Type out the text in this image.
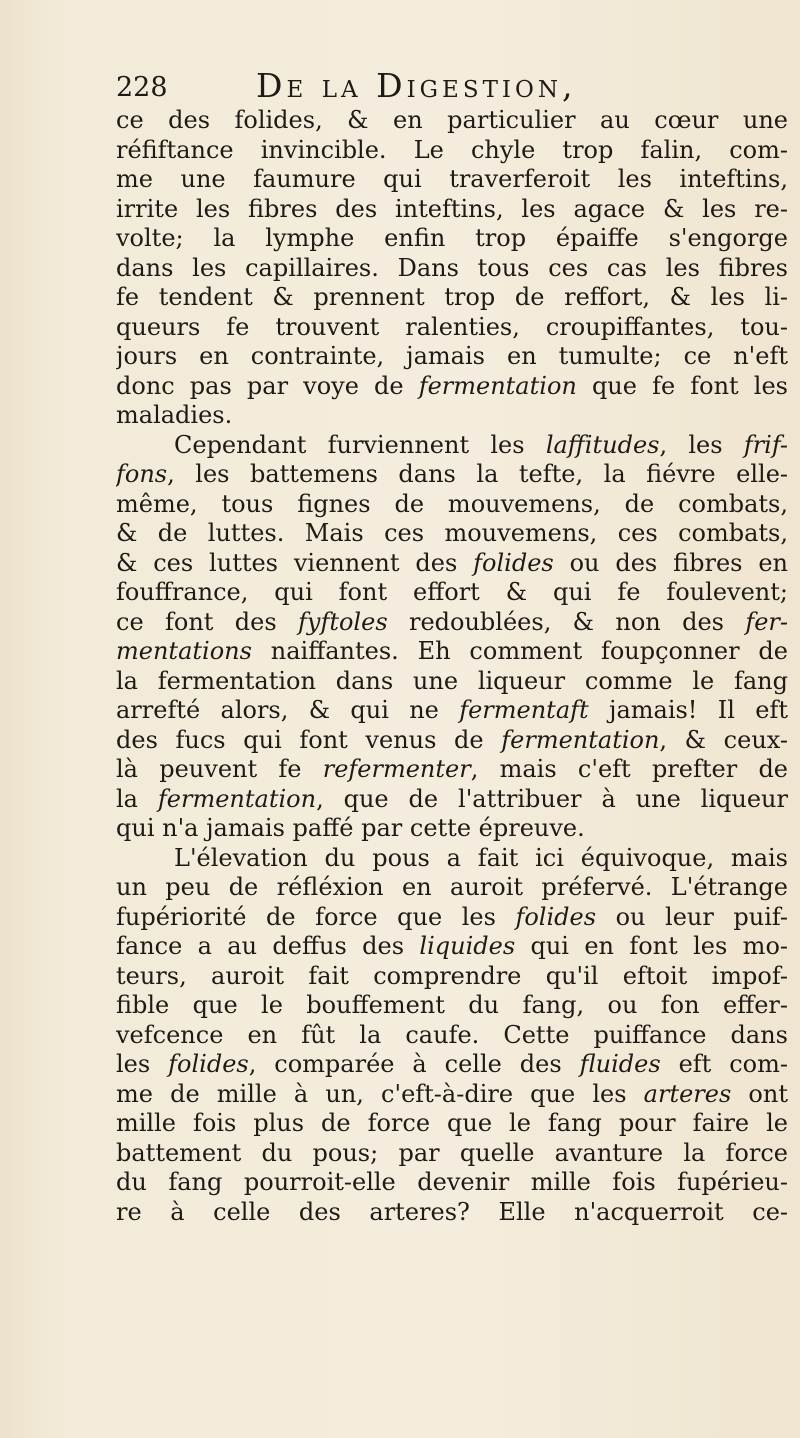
228	De la Digestion,
ce des folides, & en particulier au cœur une
réfiftance invincible. Le chyle trop falin, com-
me une faumure qui traverferoit les inteftins,
irrite les fibres des inteftins, les agace & les re-
volte; la lymphe enfin trop épaiffe s'engorge
dans les capillaires. Dans tous ces cas les fibres
fe tendent & prennent trop de reffort, & les li-
queurs fe trouvent ralenties, croupiffantes, tou-
jours en contrainte, jamais en tumulte; ce n'eft
donc pas par voye de fermentation que fe font les
maladies.
Cependant furviennent les laffitudes, les frif-
fons, les battemens dans la tefte, la fiévre elle-
même, tous fignes de mouvemens, de combats,
& de luttes. Mais ces mouvemens, ces combats,
& ces luttes viennent des folides ou des fibres en
fouffrance, qui font effort & qui fe foulevent;
ce font des fyftoles redoublées, & non des fer-
mentations naiffantes. Eh comment foupçonner de
la fermentation dans une liqueur comme le fang
arrefté alors, & qui ne fermentaft jamais! Il eft
des fucs qui font venus de fermentation, & ceux-
là peuvent fe refermenter, mais c'eft prefter de
la fermentation, que de l'attribuer à une liqueur
qui n'a jamais paffé par cette épreuve.
L'élevation du pous a fait ici équivoque, mais
un peu de réfléxion en auroit préfervé. L'étrange
fupériorité de force que les folides ou leur puif-
fance a au deffus des liquides qui en font les mo-
teurs, auroit fait comprendre qu'il eftoit impof-
fible que le bouffement du fang, ou fon effer-
vefcence en fût la caufe. Cette puiffance dans
les folides, comparée à celle des fluides eft com-
me de mille à un, c'eft-à-dire que les arteres ont
mille fois plus de force que le fang pour faire le
battement du pous; par quelle avanture la force
du fang pourroit-elle devenir mille fois fupérieu-
re à celle des arteres? Elle n'acquerroit ce-
